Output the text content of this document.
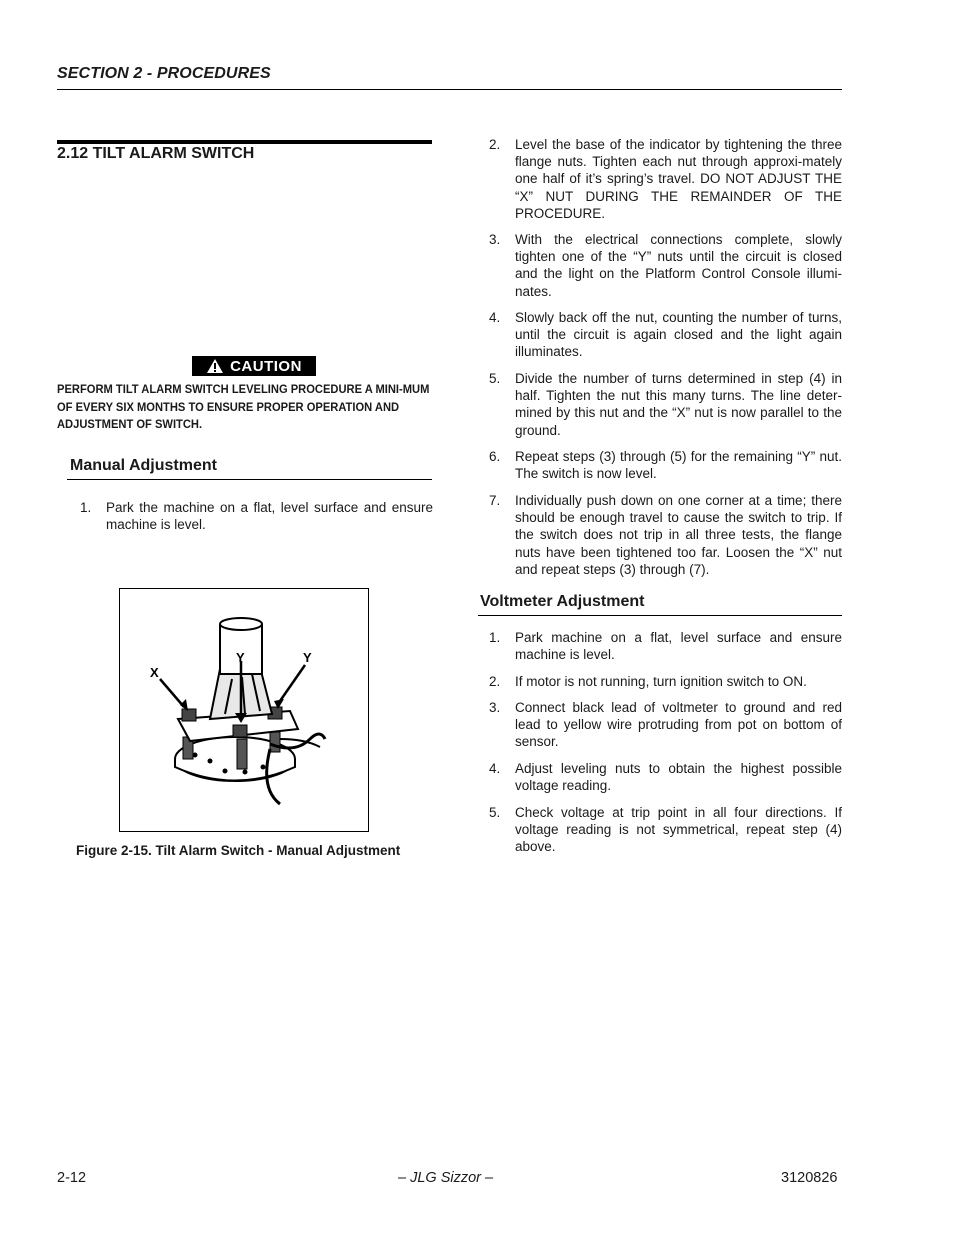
SECTION 2 - PROCEDURES
2.12 TILT ALARM SWITCH
CAUTION
PERFORM TILT ALARM SWITCH LEVELING PROCEDURE A MINI-MUM OF EVERY SIX MONTHS TO ENSURE PROPER OPERATION AND ADJUSTMENT OF SWITCH.
Manual Adjustment
1. Park the machine on a flat, level surface and ensure machine is level.
2. Level the base of the indicator by tightening the three flange nuts. Tighten each nut through approxi-mately one half of it’s spring’s travel. DO NOT ADJUST THE “X” NUT DURING THE REMAINDER OF THE PROCEDURE.
3. With the electrical connections complete, slowly tighten one of the “Y” nuts until the circuit is closed and the light on the Platform Control Console illumi-nates.
4. Slowly back off the nut, counting the number of turns, until the circuit is again closed and the light again illuminates.
5. Divide the number of turns determined in step (4) in half. Tighten the nut this many turns. The line deter-mined by this nut and the “X” nut is now parallel to the ground.
6. Repeat steps (3) through (5) for the remaining “Y” nut. The switch is now level.
7. Individually push down on one corner at a time; there should be enough travel to cause the switch to trip. If the switch does not trip in all three tests, the flange nuts have been tightened too far. Loosen the “X” nut and repeat steps (3) through (7).
X
Y	Y
Figure 2-15. Tilt Alarm Switch - Manual Adjustment
Voltmeter Adjustment
1. Park machine on a flat, level surface and ensure machine is level.
2. If motor is not running, turn ignition switch to ON.
3. Connect black lead of voltmeter to ground and red lead to yellow wire protruding from pot on bottom of sensor.
4. Adjust leveling nuts to obtain the highest possible voltage reading.
5. Check voltage at trip point in all four directions. If voltage reading is not symmetrical, repeat step (4) above.
2-12	– JLG Sizzor –	3120826
